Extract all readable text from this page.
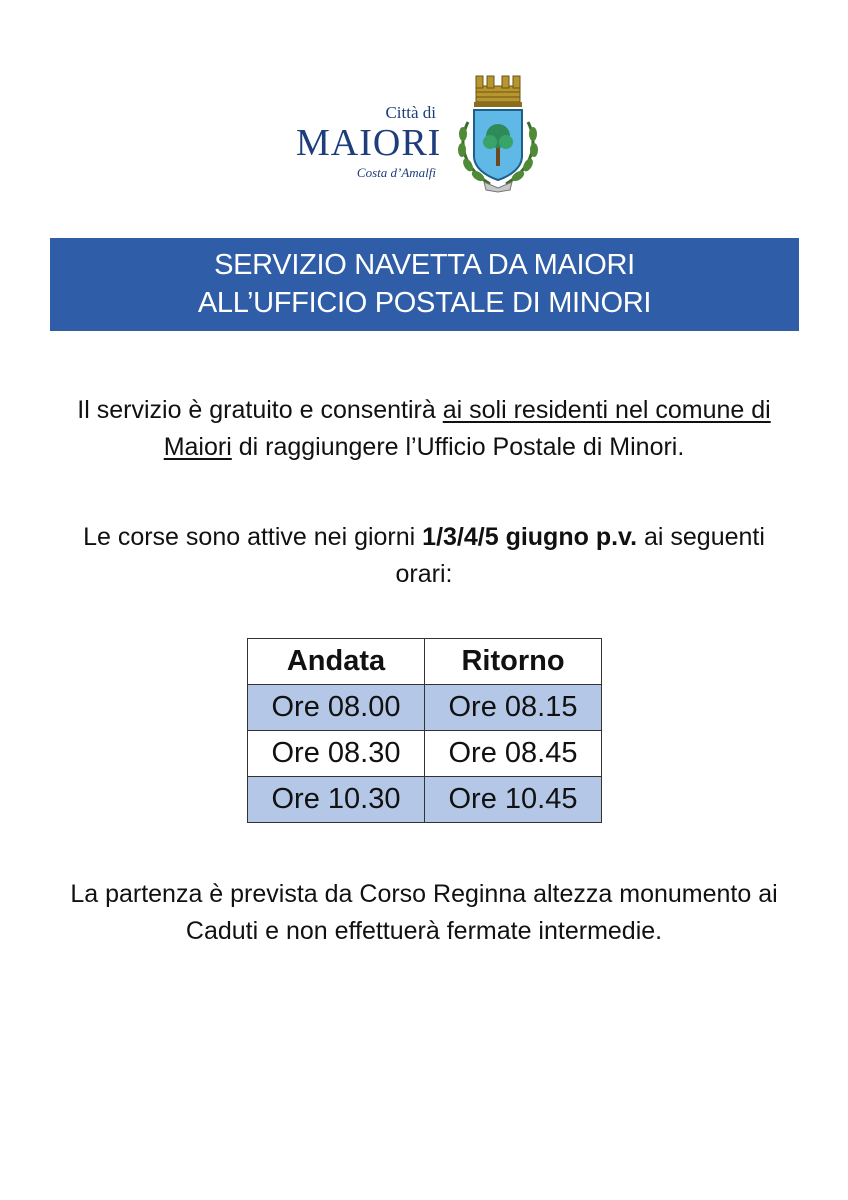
Città di
MAIORI
Costa d’Amalfi
SERVIZIO NAVETTA DA MAIORI
ALL’UFFICIO POSTALE DI MINORI
Il servizio è gratuito e consentirà ai soli residenti nel comune di Maiori di raggiungere l’Ufficio Postale di Minori.
Le corse sono attive nei giorni 1/3/4/5 giugno p.v. ai seguenti orari:
Andata	Ritorno
Ore 08.00	Ore 08.15
Ore 08.30	Ore 08.45
Ore 10.30	Ore 10.45
La partenza è prevista da Corso Reginna altezza monumento ai Caduti e non effettuerà fermate intermedie.
